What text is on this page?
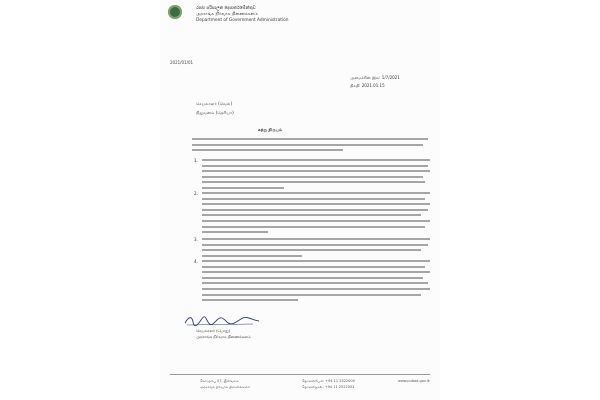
රාජ්‍ය පරිපාලන දෙපාර්තමේන්තුව
அரசாங்க நிர்வாக திணைக்களம்
Department of Government Administration
2021/01/01
அமைச்சின் இல: 1/7/2021
திகதி: 2021.01.15
செயலாளர் (வெல்)
நிறுவனம் (தெரியா)
சுற்று நிருபம்
1.
2.
3.
4.
செயலாளர் (பொது)
அரசாங்க நிர்வாக திணைக்களம்
கொழும்பு 07, இலங்கை
அரசாங்க நிர்வாக திணைக்களம்
தொலைபேசி: +94 11 2522000
தொலைநகல்: +94 11 2522001
www.pubad.gov.lk
